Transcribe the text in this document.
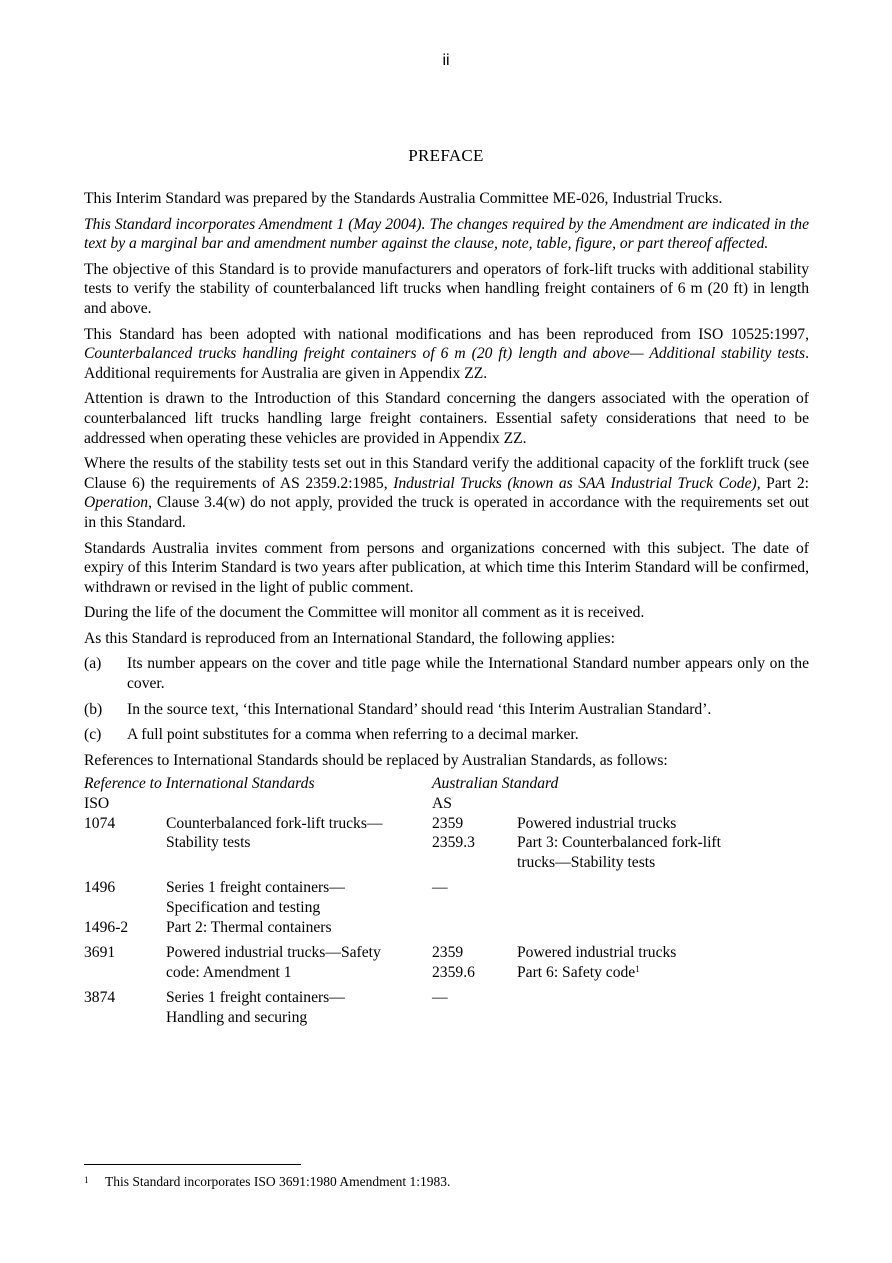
ii
PREFACE

This Interim Standard was prepared by the Standards Australia Committee ME-026, Industrial Trucks.

This Standard incorporates Amendment 1 (May 2004). The changes required by the Amendment are indicated in the text by a marginal bar and amendment number against the clause, note, table, figure, or part thereof affected.

The objective of this Standard is to provide manufacturers and operators of fork-lift trucks with additional stability tests to verify the stability of counterbalanced lift trucks when handling freight containers of 6 m (20 ft) in length and above.

This Standard has been adopted with national modifications and has been reproduced from ISO 10525:1997, Counterbalanced trucks handling freight containers of 6 m (20 ft) length and above— Additional stability tests. Additional requirements for Australia are given in Appendix ZZ.

Attention is drawn to the Introduction of this Standard concerning the dangers associated with the operation of counterbalanced lift trucks handling large freight containers. Essential safety considerations that need to be addressed when operating these vehicles are provided in Appendix ZZ.

Where the results of the stability tests set out in this Standard verify the additional capacity of the forklift truck (see Clause 6) the requirements of AS 2359.2:1985, Industrial Trucks (known as SAA Industrial Truck Code), Part 2: Operation, Clause 3.4(w) do not apply, provided the truck is operated in accordance with the requirements set out in this Standard.

Standards Australia invites comment from persons and organizations concerned with this subject. The date of expiry of this Interim Standard is two years after publication, at which time this Interim Standard will be confirmed, withdrawn or revised in the light of public comment.

During the life of the document the Committee will monitor all comment as it is received.

As this Standard is reproduced from an International Standard, the following applies:

(a)	Its number appears on the cover and title page while the International Standard number appears only on the cover.
(b)	In the source text, ‘this International Standard’ should read ‘this Interim Australian Standard’.
(c)	A full point substitutes for a comma when referring to a decimal marker.

References to International Standards should be replaced by Australian Standards, as follows:

Reference to International Standards		Australian Standard	
ISO		AS	
1074	Counterbalanced fork-lift trucks—	2359	Powered industrial trucks
	Stability tests	2359.3	Part 3: Counterbalanced fork-lift
			trucks—Stability tests
1496	Series 1 freight containers—	—	
	Specification and testing		
1496-2	Part 2: Thermal containers		
3691	Powered industrial trucks—Safety	2359	Powered industrial trucks
	code: Amendment 1	2359.6	Part 6: Safety code$^1$
3874	Series 1 freight containers—	—	
	Handling and securing		
1	This Standard incorporates ISO 3691:1980 Amendment 1:1983.
